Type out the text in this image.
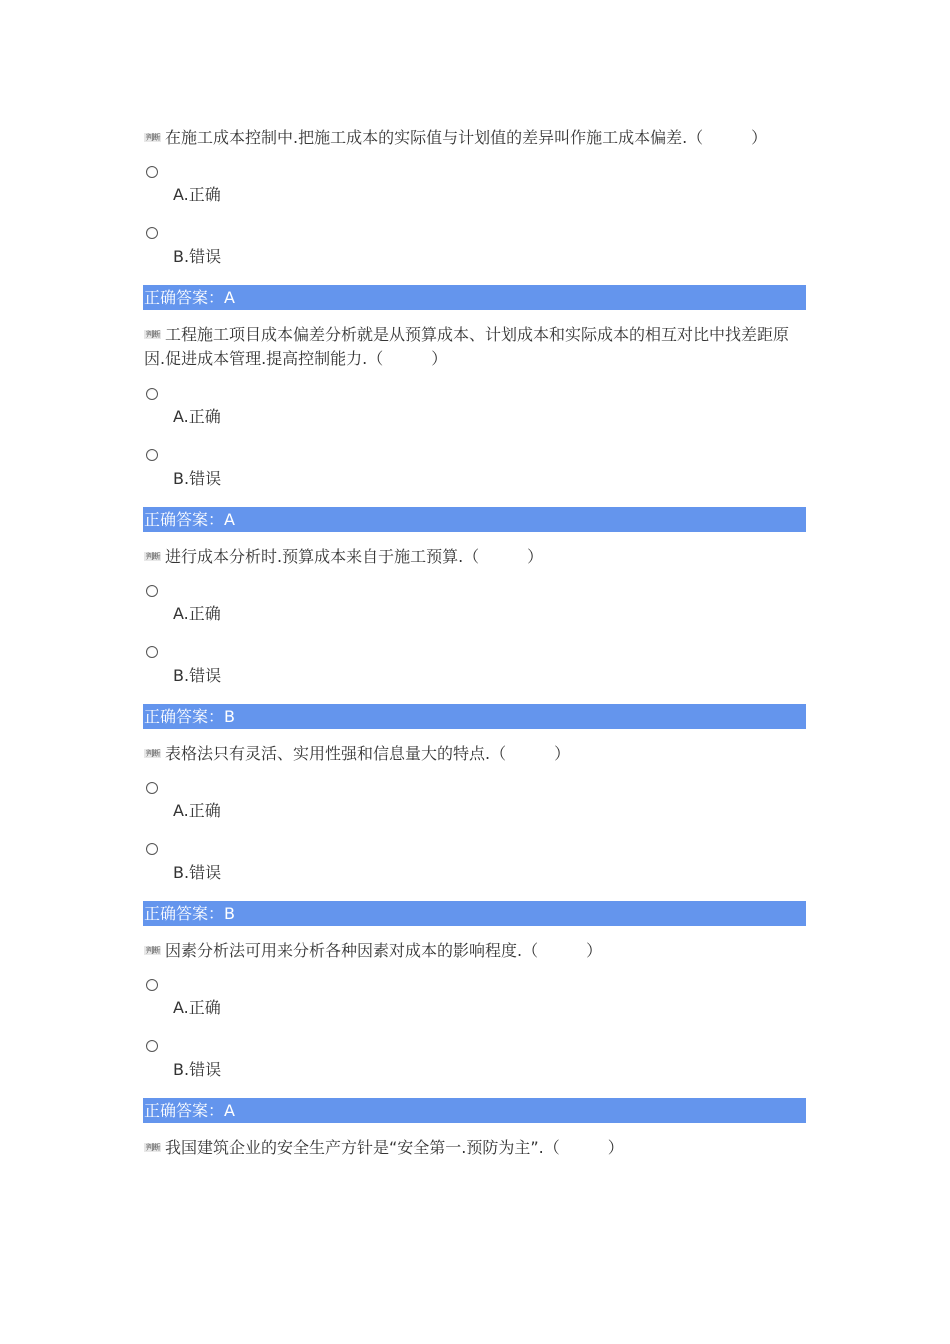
判断 在施工成本控制中.把施工成本的实际值与计划值的差异叫作施工成本偏差.（　　　）

A.正确
B.错误
正确答案：A

判断 工程施工项目成本偏差分析就是从预算成本、计划成本和实际成本的相互对比中找差距原因.促进成本管理.提高控制能力.（　　　）

A.正确
B.错误
正确答案：A

判断 进行成本分析时.预算成本来自于施工预算.（　　　）

A.正确
B.错误
正确答案：B

判断 表格法只有灵活、实用性强和信息量大的特点.（　　　）

A.正确
B.错误
正确答案：B

判断 因素分析法可用来分析各种因素对成本的影响程度.（　　　）

A.正确
B.错误
正确答案：A

判断 我国建筑企业的安全生产方针是“安全第一.预防为主”.（　　　）
